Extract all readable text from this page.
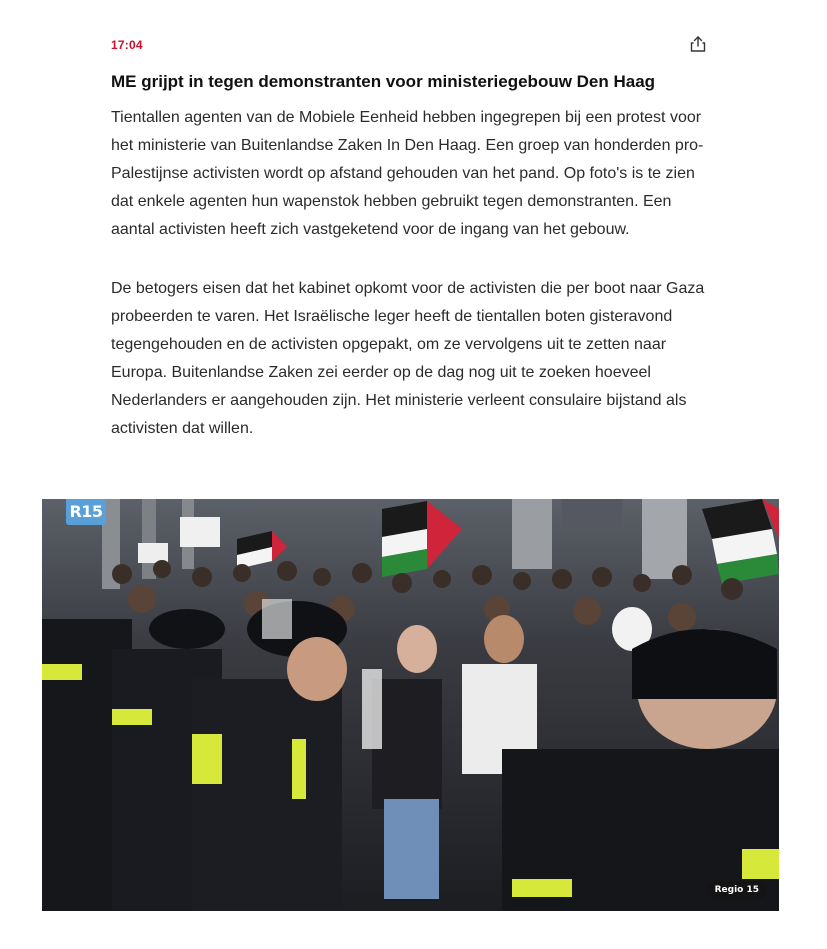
17:04
ME grijpt in tegen demonstranten voor ministeriegebouw Den Haag

Tientallen agenten van de Mobiele Eenheid hebben ingegrepen bij een protest voor het ministerie van Buitenlandse Zaken In Den Haag. Een groep van honderden pro-Palestijnse activisten wordt op afstand gehouden van het pand. Op foto's is te zien dat enkele agenten hun wapenstok hebben gebruikt tegen demonstranten. Een aantal activisten heeft zich vastgeketend voor de ingang van het gebouw.

De betogers eisen dat het kabinet opkomt voor de activisten die per boot naar Gaza probeerden te varen. Het Israëlische leger heeft de tientallen boten gisteravond tegengehouden en de activisten opgepakt, om ze vervolgens uit te zetten naar Europa. Buitenlandse Zaken zei eerder op de dag nog uit te zoeken hoeveel Nederlanders er aangehouden zijn. Het ministerie verleent consulaire bijstand als activisten dat willen.

R15
Regio 15
